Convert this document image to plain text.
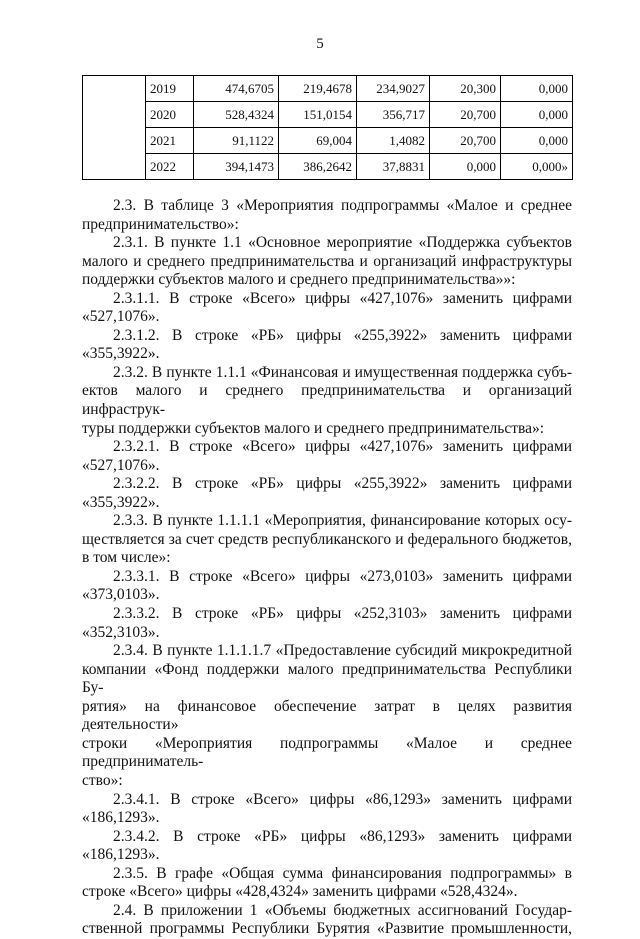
5
	2019	474,6705	219,4678	234,9027	20,300	0,000
	2020	528,4324	151,0154	356,717	20,700	0,000
	2021	91,1122	69,004	1,4082	20,700	0,000
	2022	394,1473	386,2642	37,8831	0,000	0,000»

2.3. В таблице 3 «Мероприятия подпрограммы «Малое и среднее

предпринимательство»:

2.3.1. В пункте 1.1 «Основное мероприятие «Поддержка субъектов

малого и среднего предпринимательства и организаций инфраструктуры

поддержки субъектов малого и среднего предпринимательства»»:

2.3.1.1. В строке «Всего» цифры «427,1076» заменить цифрами

«527,1076».

2.3.1.2. В строке «РБ» цифры «255,3922» заменить цифрами

«355,3922».

2.3.2. В пункте 1.1.1 «Финансовая и имущественная поддержка субъ-

ектов малого и среднего предпринимательства и организаций инфраструк-

туры поддержки субъектов малого и среднего предпринимательства»:

2.3.2.1. В строке «Всего» цифры «427,1076» заменить цифрами

«527,1076».

2.3.2.2. В строке «РБ» цифры «255,3922» заменить цифрами

«355,3922».

2.3.3. В пункте 1.1.1.1 «Мероприятия, финансирование которых осу-

ществляется за счет средств республиканского и федерального бюджетов,

в том числе»:

2.3.3.1. В строке «Всего» цифры «273,0103» заменить цифрами

«373,0103».

2.3.3.2. В строке «РБ» цифры «252,3103» заменить цифрами

«352,3103».

2.3.4. В пункте 1.1.1.1.7 «Предоставление субсидий микрокредитной

компании «Фонд поддержки малого предпринимательства Республики Бу-

рятия» на финансовое обеспечение затрат в целях развития деятельности»

строки «Мероприятия подпрограммы «Малое и среднее предприниматель-

ство»:

2.3.4.1. В строке «Всего» цифры «86,1293» заменить цифрами

«186,1293».

2.3.4.2. В строке «РБ» цифры «86,1293» заменить цифрами

«186,1293».

2.3.5. В графе «Общая сумма финансирования подпрограммы» в

строке «Всего» цифры «428,4324» заменить цифрами «528,4324».

2.4. В приложении 1 «Объемы бюджетных ассигнований Государ-

ственной программы Республики Бурятия «Развитие промышленности,
